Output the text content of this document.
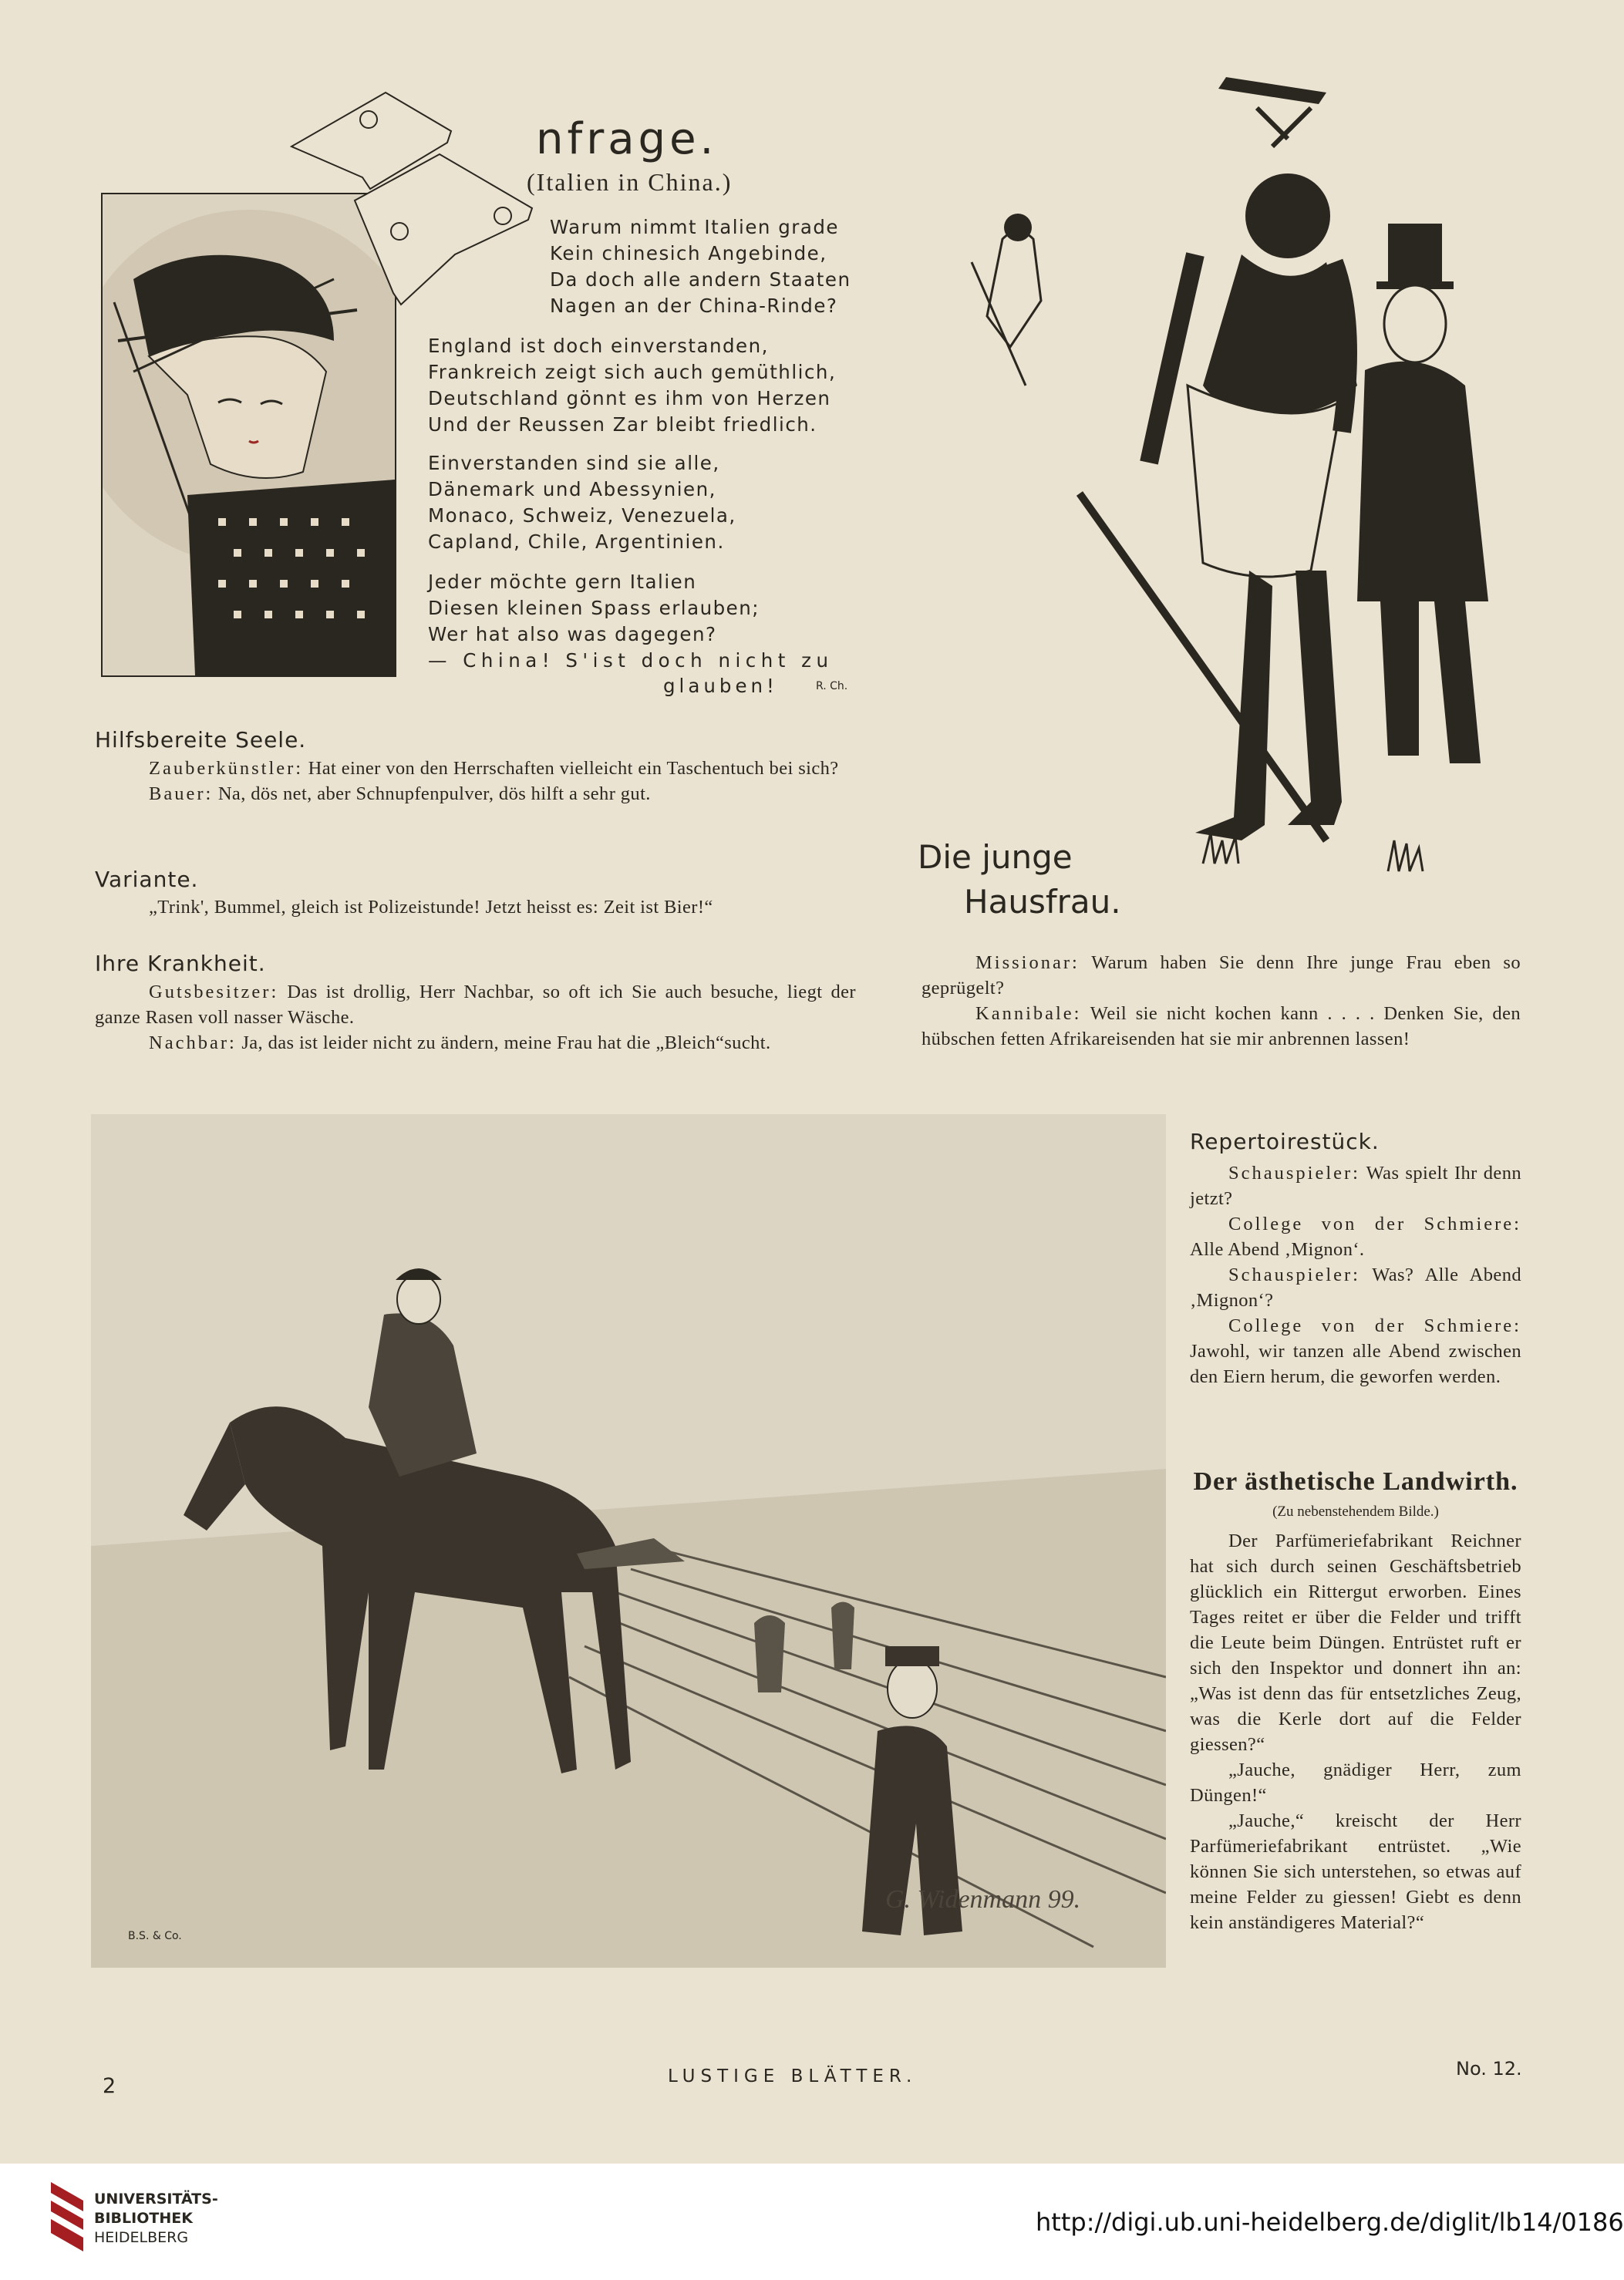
nfrage.
(Italien in China.)
Warum nimmt Italien grade
Kein chinesich Angebinde,
Da doch alle andern Staaten
Nagen an der China-Rinde?
England ist doch einverstanden,
Frankreich zeigt sich auch gemüthlich,
Deutschland gönnt es ihm von Herzen
Und der Reussen Zar bleibt friedlich.
Einverstanden sind sie alle,
Dänemark und Abessynien,
Monaco, Schweiz, Venezuela,
Capland, Chile, Argentinien.
Jeder möchte gern Italien
Diesen kleinen Spass erlauben;
Wer hat also was dagegen?
— China! S'ist doch nicht zu
glauben!	R. Ch.
Hilfsbereite Seele.

Zauberkünstler: Hat einer von den Herrschaften vielleicht ein Taschentuch bei sich?

Bauer: Na, dös net, aber Schnupfenpulver, dös hilft a sehr gut.

Variante.

„Trink', Bummel, gleich ist Polizeistunde! Jetzt heisst es: Zeit ist Bier!“

Ihre Krankheit.

Gutsbesitzer: Das ist drollig, Herr Nachbar, so oft ich Sie auch besuche, liegt der ganze Rasen voll nasser Wäsche.

Nachbar: Ja, das ist leider nicht zu ändern, meine Frau hat die „Bleich“sucht.

Die junge
Hausfrau.

Missionar: Warum haben Sie denn Ihre junge Frau eben so geprügelt?

Kannibale: Weil sie nicht kochen kann . . . . Denken Sie, den hübschen fetten Afrikareisenden hat sie mir anbrennen lassen!

B.S. & Co.
G. Widenmann 99.
Repertoirestück.

Schauspieler: Was spielt Ihr denn jetzt?

College von der Schmiere: Alle Abend ‚Mignon‘.

Schauspieler: Was? Alle Abend ‚Mignon‘?

College von der Schmiere: Jawohl, wir tanzen alle Abend zwischen den Eiern herum, die geworfen werden.

Der ästhetische Landwirth.
(Zu nebenstehendem Bilde.)

Der Parfümeriefabrikant Reichner hat sich durch seinen Geschäftsbetrieb glücklich ein Rittergut erworben. Eines Tages reitet er über die Felder und trifft die Leute beim Düngen. Entrüstet ruft er sich den Inspektor und donnert ihn an: „Was ist denn das für entsetzliches Zeug, was die Kerle dort auf die Felder giessen?“

„Jauche, gnädiger Herr, zum Düngen!“

„Jauche,“ kreischt der Herr Parfümeriefabrikant entrüstet. „Wie können Sie sich unterstehen, so etwas auf meine Felder zu giessen! Giebt es denn kein anständigeres Material?“

2	LUSTIGE BLÄTTER.	No. 12.
UNIVERSITÄTS-
BIBLIOTHEK
HEIDELBERG
http://digi.ub.uni-heidelberg.de/diglit/lb14/0186
